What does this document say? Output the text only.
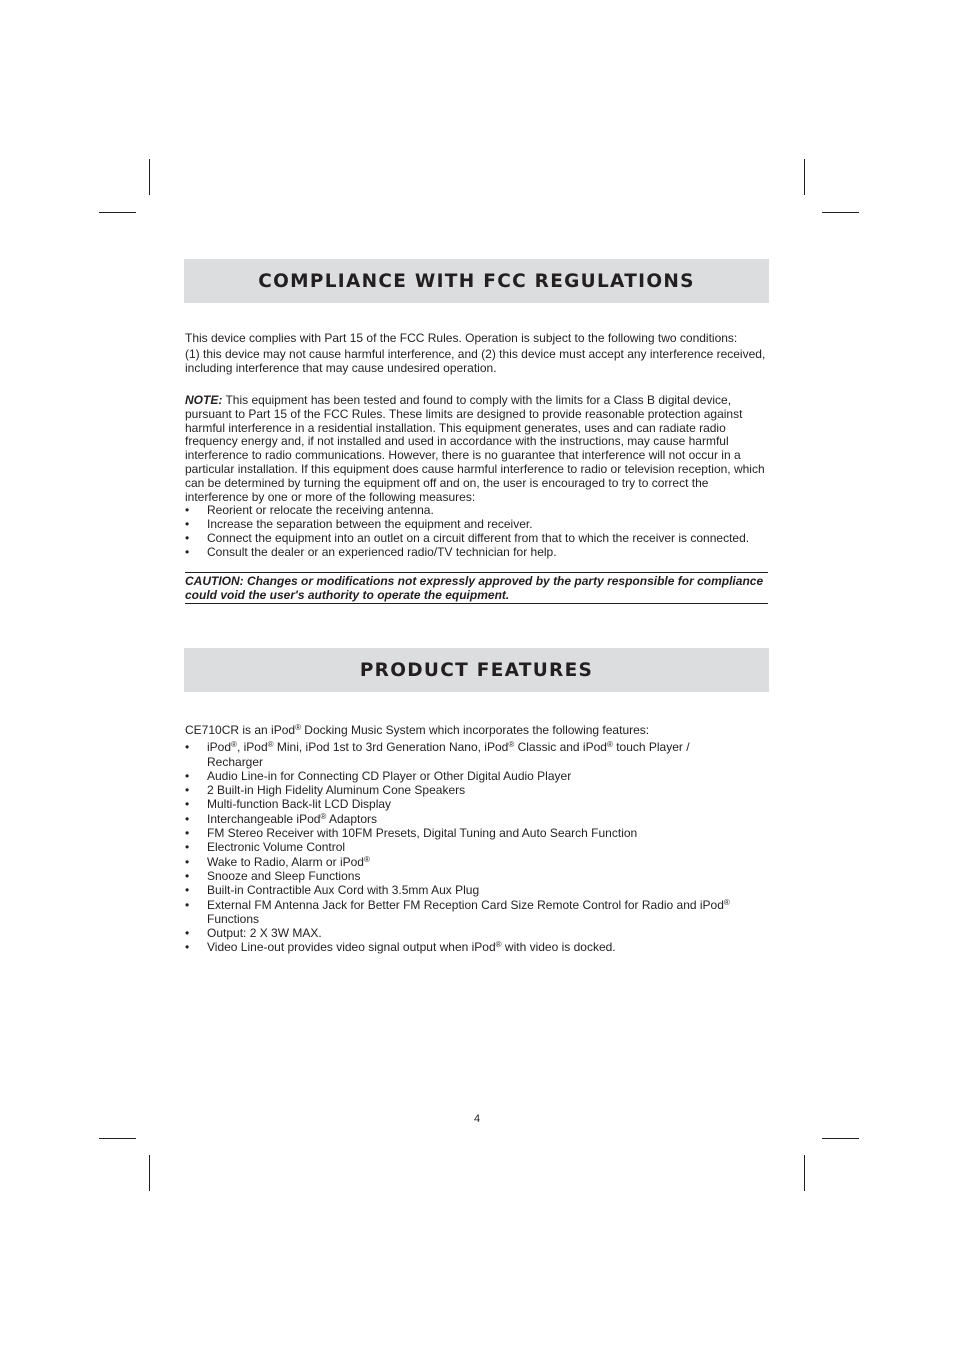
COMPLIANCE WITH FCC REGULATIONS

This device complies with Part 15 of the FCC Rules. Operation is subject to the following two conditions:

(1) this device may not cause harmful interference, and (2) this device must accept any interference received, including interference that may cause undesired operation.

NOTE: This equipment has been tested and found to comply with the limits for a Class B digital device, pursuant to Part 15 of the FCC Rules. These limits are designed to provide reasonable protection against harmful interference in a residential installation. This equipment generates, uses and can radiate radio frequency energy and, if not installed and used in accordance with the instructions, may cause harmful interference to radio communications. However, there is no guarantee that interference will not occur in a particular installation. If this equipment does cause harmful interference to radio or television reception, which can be determined by turning the equipment off and on, the user is encouraged to try to correct the interference by one or more of the following measures:

• Reorient or relocate the receiving antenna.
• Increase the separation between the equipment and receiver.
• Connect the equipment into an outlet on a circuit different from that to which the receiver is connected.
• Consult the dealer or an experienced radio/TV technician for help.
CAUTION: Changes or modifications not expressly approved by the party responsible for compliance could void the user's authority to operate the equipment.
PRODUCT FEATURES

CE710CR is an iPod® Docking Music System which incorporates the following features:

• iPod®, iPod® Mini, iPod 1st to 3rd Generation Nano, iPod® Classic and iPod® touch Player / Recharger
• Audio Line-in for Connecting CD Player or Other Digital Audio Player
• 2 Built-in High Fidelity Aluminum Cone Speakers
• Multi-function Back-lit LCD Display
• Interchangeable iPod® Adaptors
• FM Stereo Receiver with 10FM Presets, Digital Tuning and Auto Search Function
• Electronic Volume Control
• Wake to Radio, Alarm or iPod®
• Snooze and Sleep Functions
• Built-in Contractible Aux Cord with 3.5mm Aux Plug
• External FM Antenna Jack for Better FM Reception Card Size Remote Control for Radio and iPod® Functions
• Output: 2 X 3W MAX.
• Video Line-out provides video signal output when iPod® with video is docked.
4
